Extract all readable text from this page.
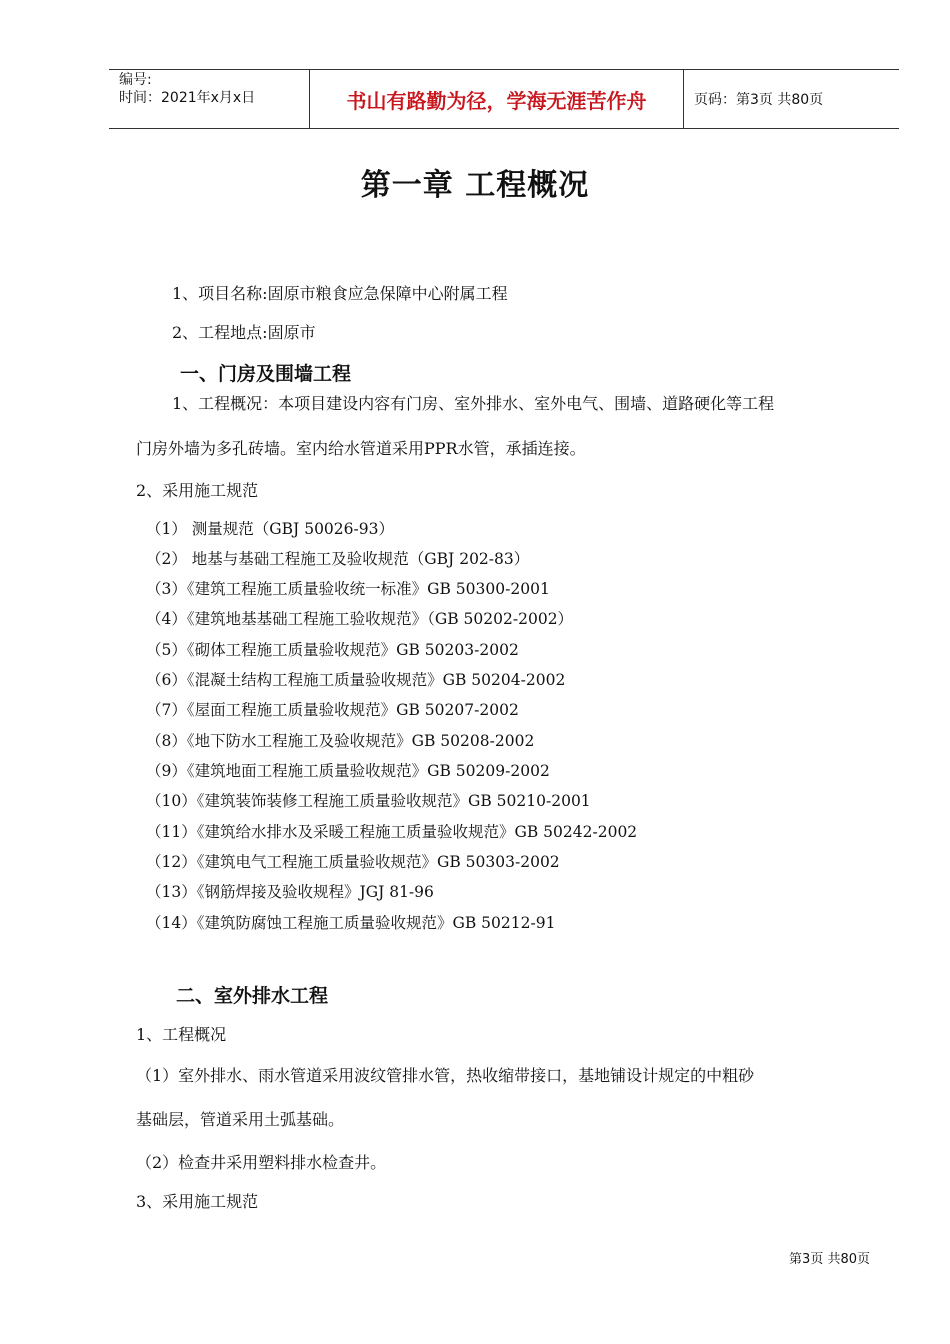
编号:
时间：2021年x月x日	书山有路勤为径，学海无涯苦作舟	页码：第3页 共80页
第一章 工程概况
1、项目名称:固原市粮食应急保障中心附属工程
2、工程地点:固原市
一、门房及围墙工程
1、工程概况：本项目建设内容有门房、室外排水、室外电气、围墙、道路硬化等工程
门房外墙为多孔砖墙。室内给水管道采用PPR水管，承插连接。
2、采用施工规范
（1） 测量规范（GBJ 50026-93）
（2） 地基与基础工程施工及验收规范（GBJ 202-83）
（3）《建筑工程施工质量验收统一标准》GB 50300-2001
（4）《建筑地基基础工程施工验收规范》（GB 50202-2002）
（5）《砌体工程施工质量验收规范》GB 50203-2002
（6）《混凝土结构工程施工质量验收规范》GB 50204-2002
（7）《屋面工程施工质量验收规范》GB 50207-2002
（8）《地下防水工程施工及验收规范》GB 50208-2002
（9）《建筑地面工程施工质量验收规范》GB 50209-2002
（10）《建筑装饰装修工程施工质量验收规范》GB 50210-2001
（11）《建筑给水排水及采暖工程施工质量验收规范》GB 50242-2002
（12）《建筑电气工程施工质量验收规范》GB 50303-2002
（13）《钢筋焊接及验收规程》JGJ 81-96
（14）《建筑防腐蚀工程施工质量验收规范》GB 50212-91
二、室外排水工程
1、工程概况
（1）室外排水、雨水管道采用波纹管排水管，热收缩带接口，基地铺设计规定的中粗砂
基础层，管道采用土弧基础。
（2）检查井采用塑料排水检查井。
3、采用施工规范
第3页 共80页
